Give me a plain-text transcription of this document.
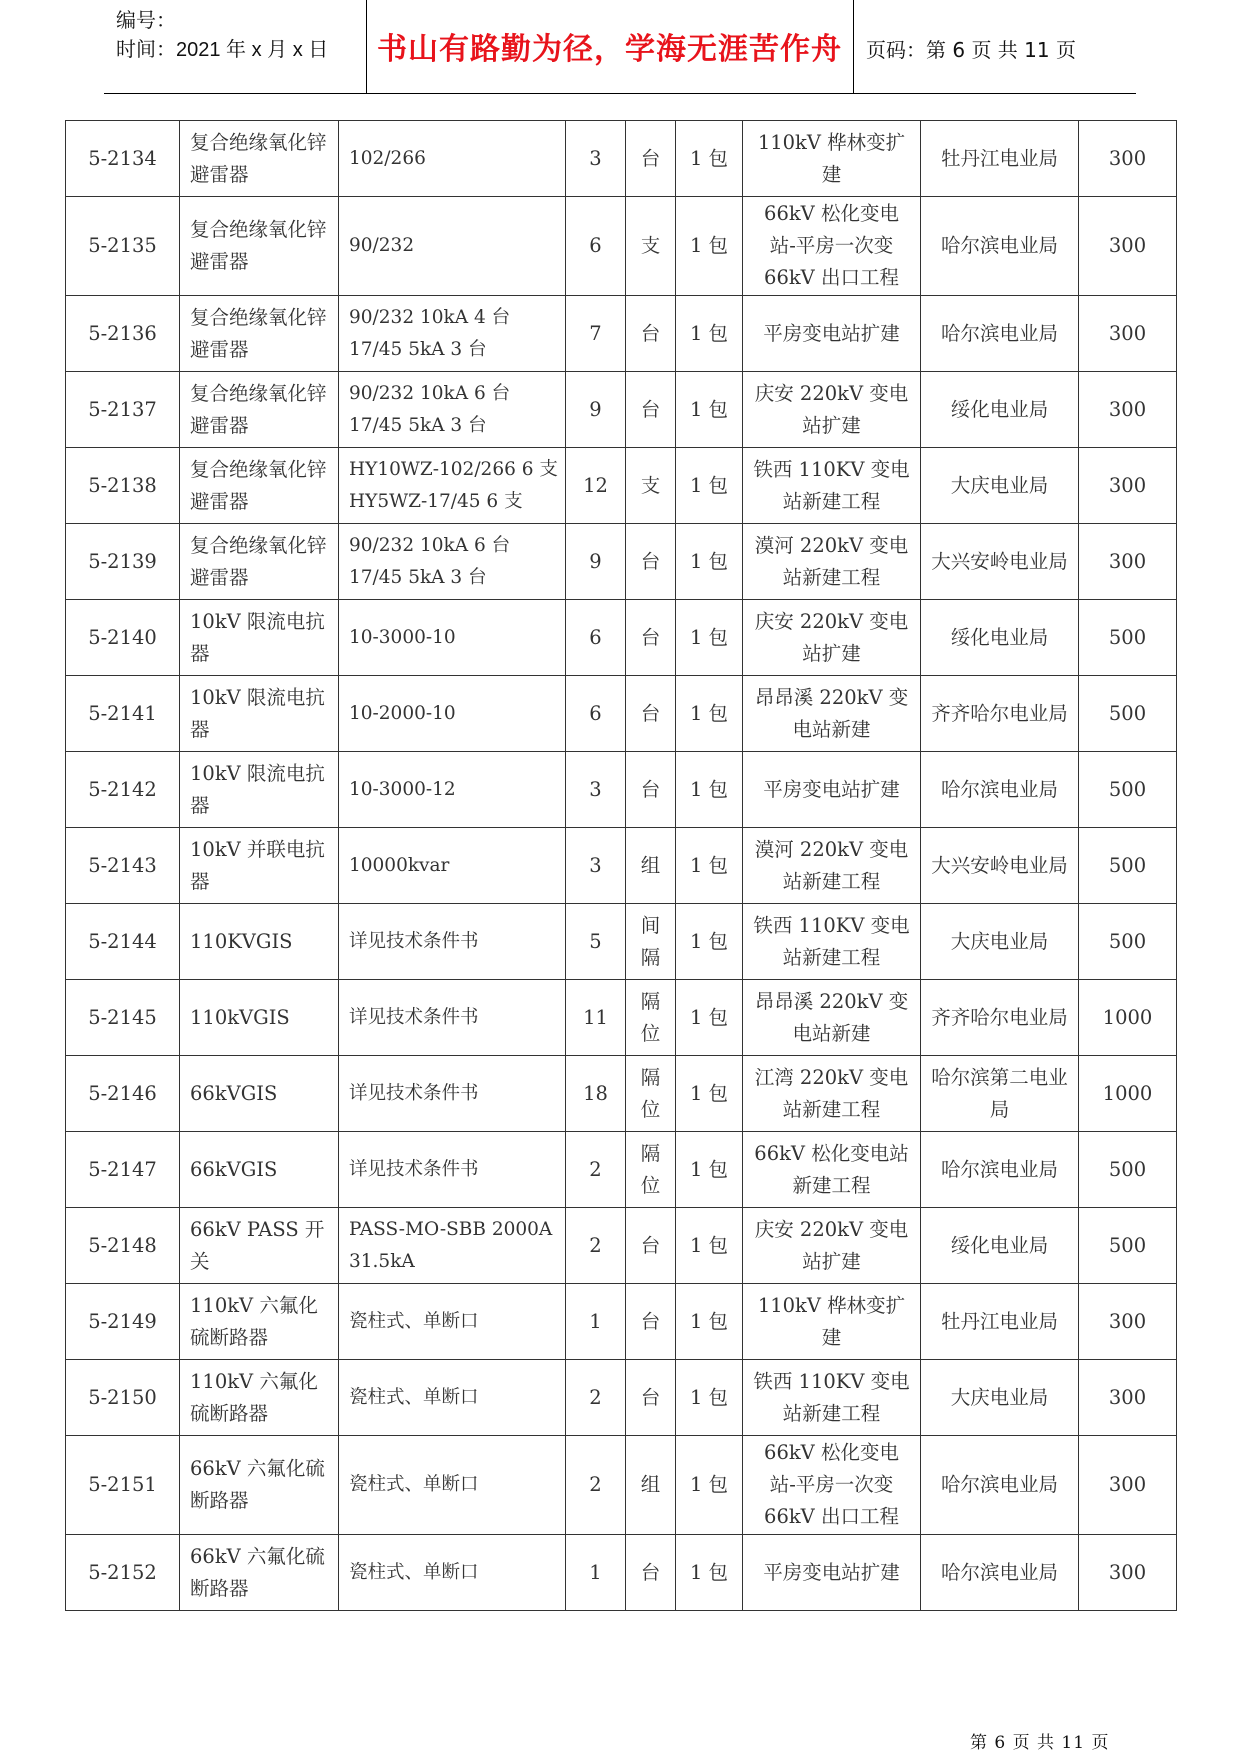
编号：
时间：2021 年 x 月 x 日	书山有路勤为径，学海无涯苦作舟	页码：第 6 页 共 11 页
5-2134	复合绝缘氧化锌避雷器	102/266	3	台	1 包	110kV 桦林变扩建	牡丹江电业局	300
5-2135	复合绝缘氧化锌避雷器	90/232	6	支	1 包	66kV 松化变电站-平房一次变 66kV 出口工程	哈尔滨电业局	300
5-2136	复合绝缘氧化锌避雷器	90/232 10kA 4 台
17/45 5kA 3 台	7	台	1 包	平房变电站扩建	哈尔滨电业局	300
5-2137	复合绝缘氧化锌避雷器	90/232 10kA 6 台
17/45 5kA 3 台	9	台	1 包	庆安 220kV 变电站扩建	绥化电业局	300
5-2138	复合绝缘氧化锌避雷器	HY10WZ-102/266 6 支
HY5WZ-17/45 6 支	12	支	1 包	铁西 110KV 变电站新建工程	大庆电业局	300
5-2139	复合绝缘氧化锌避雷器	90/232 10kA 6 台
17/45 5kA 3 台	9	台	1 包	漠河 220kV 变电站新建工程	大兴安岭电业局	300
5-2140	10kV 限流电抗器	10-3000-10	6	台	1 包	庆安 220kV 变电站扩建	绥化电业局	500
5-2141	10kV 限流电抗器	10-2000-10	6	台	1 包	昂昂溪 220kV 变电站新建	齐齐哈尔电业局	500
5-2142	10kV 限流电抗器	10-3000-12	3	台	1 包	平房变电站扩建	哈尔滨电业局	500
5-2143	10kV 并联电抗器	10000kvar	3	组	1 包	漠河 220kV 变电站新建工程	大兴安岭电业局	500
5-2144	110KVGIS	详见技术条件书	5	间隔	1 包	铁西 110KV 变电站新建工程	大庆电业局	500
5-2145	110kVGIS	详见技术条件书	11	隔位	1 包	昂昂溪 220kV 变电站新建	齐齐哈尔电业局	1000
5-2146	66kVGIS	详见技术条件书	18	隔位	1 包	江湾 220kV 变电站新建工程	哈尔滨第二电业局	1000
5-2147	66kVGIS	详见技术条件书	2	隔位	1 包	66kV 松化变电站新建工程	哈尔滨电业局	500
5-2148	66kV PASS 开关	PASS-MO-SBB 2000A
31.5kA	2	台	1 包	庆安 220kV 变电站扩建	绥化电业局	500
5-2149	110kV 六氟化硫断路器	瓷柱式、单断口	1	台	1 包	110kV 桦林变扩建	牡丹江电业局	300
5-2150	110kV 六氟化硫断路器	瓷柱式、单断口	2	台	1 包	铁西 110KV 变电站新建工程	大庆电业局	300
5-2151	66kV 六氟化硫断路器	瓷柱式、单断口	2	组	1 包	66kV 松化变电站-平房一次变 66kV 出口工程	哈尔滨电业局	300
5-2152	66kV 六氟化硫断路器	瓷柱式、单断口	1	台	1 包	平房变电站扩建	哈尔滨电业局	300
第 6 页 共 11 页
